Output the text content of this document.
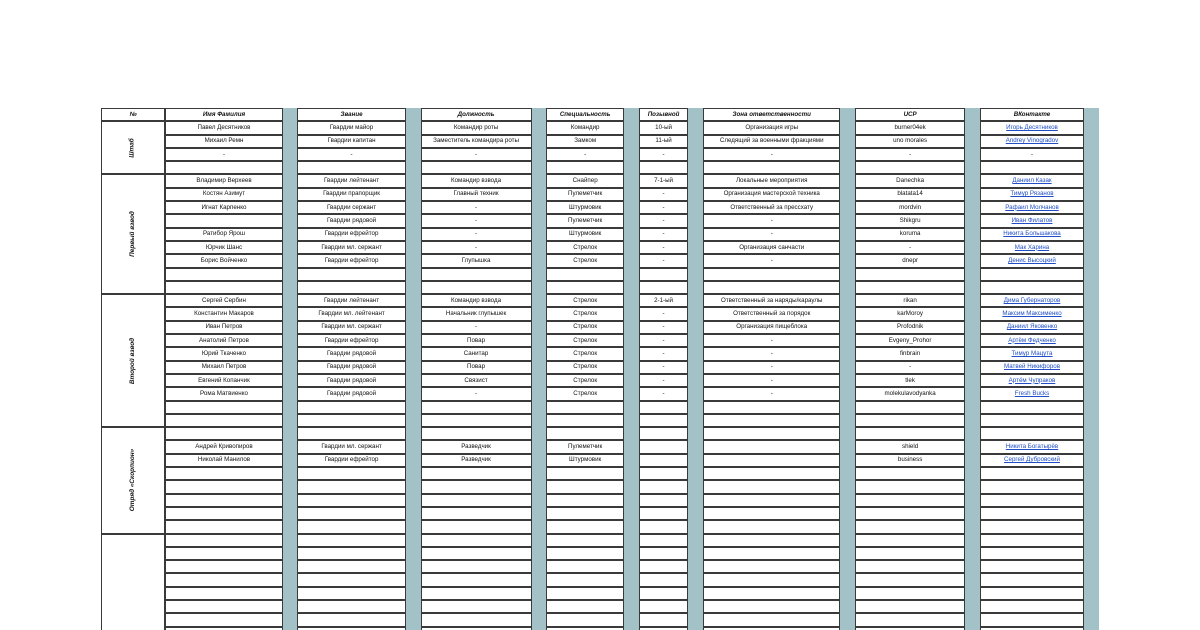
№	Имя Фамилия		Звание		Должность		Специальность		Позывной		Зона ответственности		UCP		ВКонтакте	
Штаб	Павел Десятников		Гвардии майор		Командир роты		Командир		10-ый		Организация игры		burner04ek		Игорь Десятников	
	Михаил Ремн		Гвардии капитан		Заместитель командира роты		Замком		11-ый		Следящий за военными фракциями		uno morales		Andrey Vinogradov	
	-		-		-		-		-		-		-		-	

Первый взвод	Владимир Верхеев		Гвардии лейтенант		Командир взвода		Снайпер		7-1-ый		Локальные мероприятия		Danechka		Даниил Казак	
	Костян Азимут		Гвардии прапорщик		Главный техник		Пулеметчик		-		Организация мастерской техника		blatata14		Тимур Рязанов	
	Игнат Карпенко		Гвардии сержант		-		Штурмовик		-		Ответственный за прессхату		mordvin		Рафаил Молчанов	
			Гвардии рядовой		-		Пулеметчик		-		-		Shikgru		Иван Филатов	
	Ратибор Ярош		Гвардии ефрейтор		-		Штурмовик		-		-		koruma		Никита Большакова	
	Юрчик Шанс		Гвардии мл. сержант		-		Стрелок		-		Организация санчасти		-		Мак Харина	
	Борис Войченко		Гвардии ефрейтор		Глупышка		Стрелок		-		-		dnepr		Денис Высоцкий	

Второй взвод	Сергей Сербин		Гвардии лейтенант		Командир взвода		Стрелок		2-1-ый		Ответственный за наряды/караулы		rikan		Дима Губернаторов	
	Константин Макаров		Гвардии мл. лейтенант		Начальник глупышек		Стрелок		-		Ответственный за порядок		karMoroy		Максим Максименко	
	Иван Петров		Гвардии мл. сержант		-		Стрелок		-		Организация пищеблока		Profodnik		Даниил Яковенко	
	Анатолий Петров		Гвардии ефрейтор		Повар		Стрелок		-		-		Evgeny_Prohor		Артём Федченко	
	Юрий Ткаченко		Гвардии рядовой		Санитар		Стрелок		-		-		finbrain		Тимур Мацута	
	Михаил Петров		Гвардии рядовой		Повар		Стрелок		-		-		-		Матвей Никифоров	
	Евгений Копанчик		Гвардии рядовой		Связист		Стрелок		-		-		tlek		Артём Чупраков	
	Рома Матвиенко		Гвардии рядовой		-		Стрелок		-		-		molekulavodyanka		Fresh Bucks	

Отряд «Скорпион»																
	Андрей Кривопиров		Гвардии мл. сержант		Разведчик		Пулеметчик						shield		Никита Богатырёв	
	Николай Манилов		Гвардии ефрейтор		Разведчик		Штурмовик						business		Сергей Дубровский	
